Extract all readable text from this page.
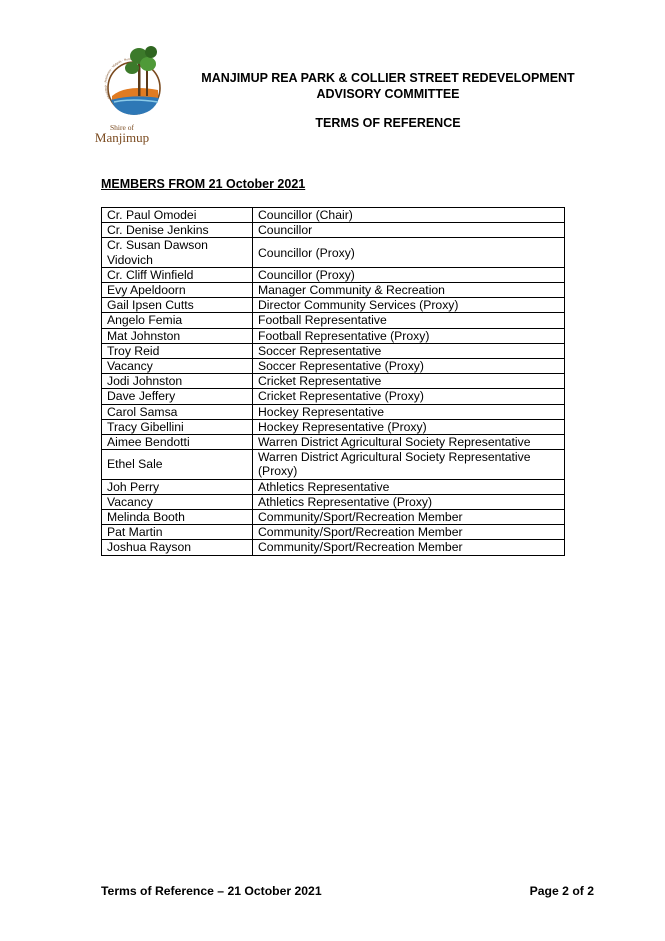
Manjimup · Pemberton · Walpole · Nort
Shire of
Manjimup
MANJIMUP REA PARK & COLLIER STREET REDEVELOPMENT
ADVISORY COMMITTEE
TERMS OF REFERENCE
MEMBERS FROM 21 October 2021
Cr. Paul Omodei	Councillor (Chair)
Cr. Denise Jenkins	Councillor
Cr. Susan Dawson Vidovich	Councillor (Proxy)
Cr. Cliff Winfield	Councillor (Proxy)
Evy Apeldoorn	Manager Community & Recreation
Gail Ipsen Cutts	Director Community Services (Proxy)
Angelo Femia	Football Representative
Mat Johnston	Football Representative (Proxy)
Troy Reid	Soccer Representative
Vacancy	Soccer Representative (Proxy)
Jodi Johnston	Cricket Representative
Dave Jeffery	Cricket Representative (Proxy)
Carol Samsa	Hockey Representative
Tracy Gibellini	Hockey Representative (Proxy)
Aimee Bendotti	Warren District Agricultural Society Representative
Ethel Sale	Warren District Agricultural Society Representative (Proxy)
Joh Perry	Athletics Representative
Vacancy	Athletics Representative (Proxy)
Melinda Booth	Community/Sport/Recreation Member
Pat Martin	Community/Sport/Recreation Member
Joshua Rayson	Community/Sport/Recreation Member
Terms of Reference – 21 October 2021	Page 2 of 2
